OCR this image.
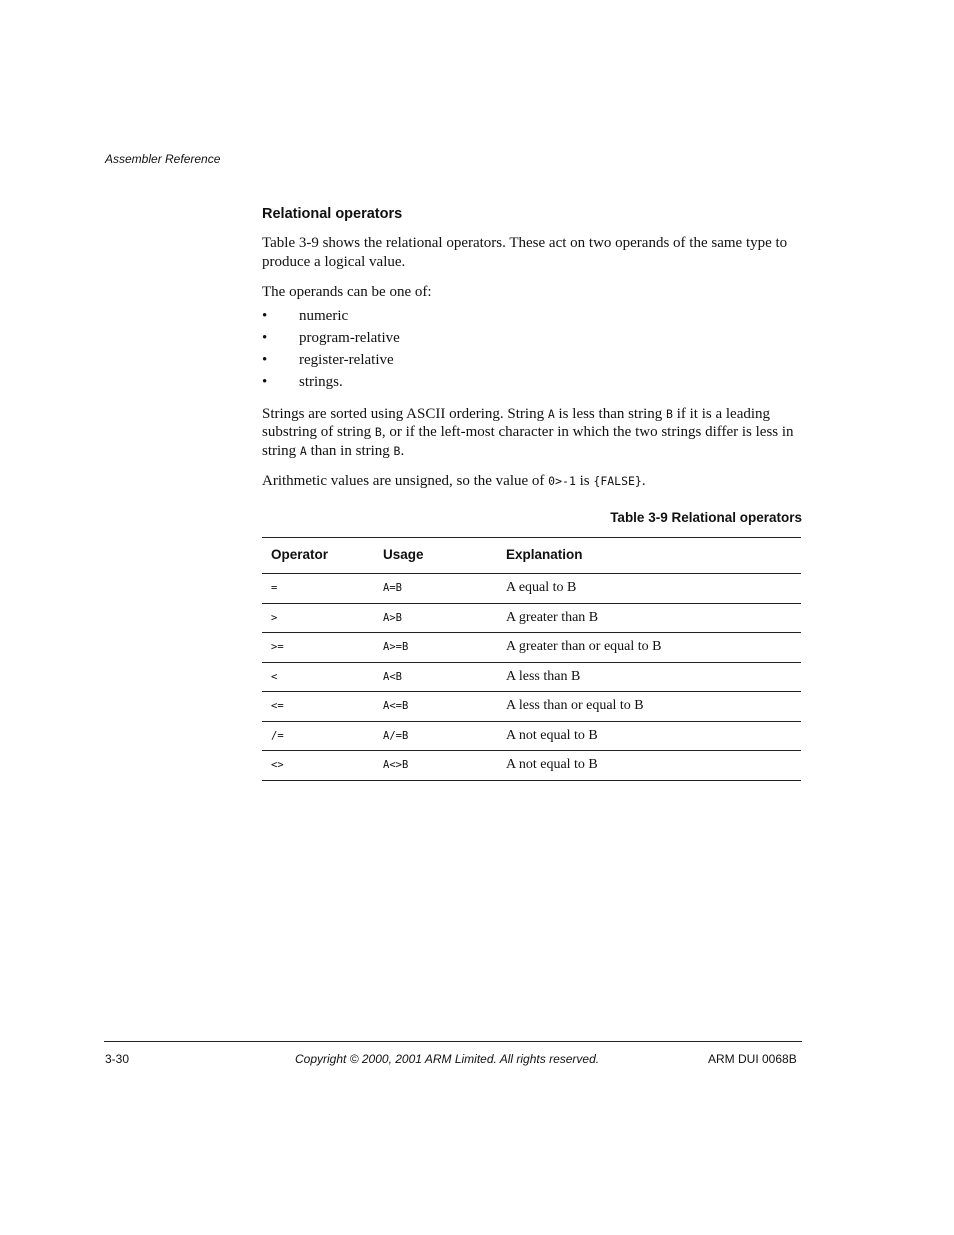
Assembler Reference
Relational operators

Table 3-9 shows the relational operators. These act on two operands of the same type to produce a logical value.

The operands can be one of:

• numeric
• program-relative
• register-relative
• strings.

Strings are sorted using ASCII ordering. String A is less than string B if it is a leading substring of string B, or if the left-most character in which the two strings differ is less in string A than in string B.

Arithmetic values are unsigned, so the value of 0>-1 is {FALSE}.

Table 3-9 Relational operators
Operator	Usage	Explanation
=	A=B	A equal to B
>	A>B	A greater than B
>=	A>=B	A greater than or equal to B
<	A<B	A less than B
<=	A<=B	A less than or equal to B
/=	A/=B	A not equal to B
<>	A<>B	A not equal to B
3-30	Copyright © 2000, 2001 ARM Limited. All rights reserved.	ARM DUI 0068B
